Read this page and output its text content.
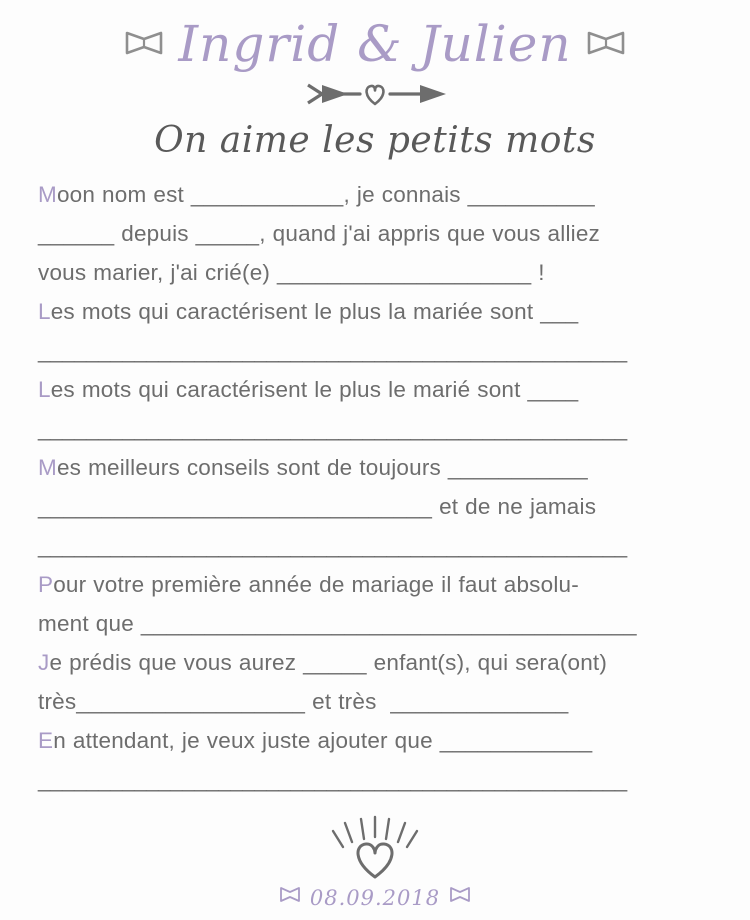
Ingrid & Julien
On aime les petits mots
Moon nom est ____________, je connais __________
______ depuis _____, quand j'ai appris que vous alliez
vous marier, j'ai crié(e) ____________________ !
Les mots qui caractérisent le plus la mariée sont ___
_________________________________________________
Les mots qui caractérisent le plus le marié sont ____
_________________________________________________
Mes meilleurs conseils sont de toujours ___________
_______________________________ et de ne jamais
_________________________________________________
Pour votre première année de mariage il faut absolu-
ment que _______________________________________
Je prédis que vous aurez _____ enfant(s), qui sera(ont)
très__________________ et très  ______________
En attendant, je veux juste ajouter que ____________
_________________________________________________
08.09.2018
